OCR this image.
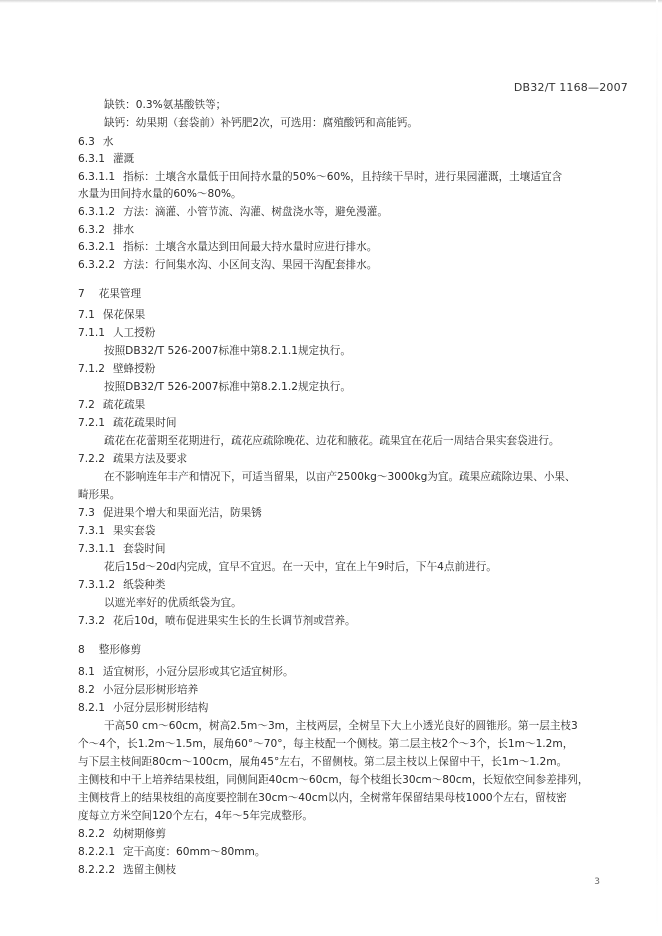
DB32/T 1168—2007
缺铁：0.3%氨基酸铁等；
缺钙：幼果期（套袋前）补钙肥2次，可选用：腐殖酸钙和高能钙。
6.3 水
6.3.1 灌溉
6.3.1.1 指标：土壤含水量低于田间持水量的50%～60%，且持续干旱时，进行果园灌溉，土壤适宜含
水量为田间持水量的60%～80%。
6.3.1.2 方法：滴灌、小管节流、沟灌、树盘浇水等，避免漫灌。
6.3.2 排水
6.3.2.1 指标：土壤含水量达到田间最大持水量时应进行排水。
6.3.2.2 方法：行间集水沟、小区间支沟、果园干沟配套排水。
7 花果管理
7.1 保花保果
7.1.1 人工授粉
按照DB32/T 526-2007标准中第8.2.1.1规定执行。
7.1.2 壁蜂授粉
按照DB32/T 526-2007标准中第8.2.1.2规定执行。
7.2 疏花疏果
7.2.1 疏花疏果时间
疏花在花蕾期至花期进行，疏花应疏除晚花、边花和腋花。疏果宜在花后一周结合果实套袋进行。
7.2.2 疏果方法及要求
在不影响连年丰产和情况下，可适当留果，以亩产2500kg～3000kg为宜。疏果应疏除边果、小果、
畸形果。
7.3 促进果个增大和果面光洁，防果锈
7.3.1 果实套袋
7.3.1.1 套袋时间
花后15d～20d内完成，宜早不宜迟。在一天中，宜在上午9时后，下午4点前进行。
7.3.1.2 纸袋种类
以遮光率好的优质纸袋为宜。
7.3.2 花后10d，喷布促进果实生长的生长调节剂或营养。
8 整形修剪
8.1 适宜树形，小冠分层形或其它适宜树形。
8.2 小冠分层形树形培养
8.2.1 小冠分层形树形结构
干高50 cm～60cm，树高2.5m～3m，主枝两层，全树呈下大上小透光良好的圆锥形。第一层主枝3
个～4个，长1.2m～1.5m，展角60°～70°，每主枝配一个侧枝。第二层主枝2个～3个，长1m～1.2m，
与下层主枝间距80cm～100cm，展角45°左右，不留侧枝。第二层主枝以上保留中干，长1m～1.2m。
主侧枝和中干上培养结果枝组，同侧间距40cm～60cm，每个枝组长30cm～80cm，长短依空间参差排列，
主侧枝背上的结果枝组的高度要控制在30cm～40cm以内，全树常年保留结果母枝1000个左右，留枝密
度每立方米空间120个左右，4年～5年完成整形。
8.2.2 幼树期修剪
8.2.2.1 定干高度：60mm～80mm。
8.2.2.2 选留主侧枝
3
